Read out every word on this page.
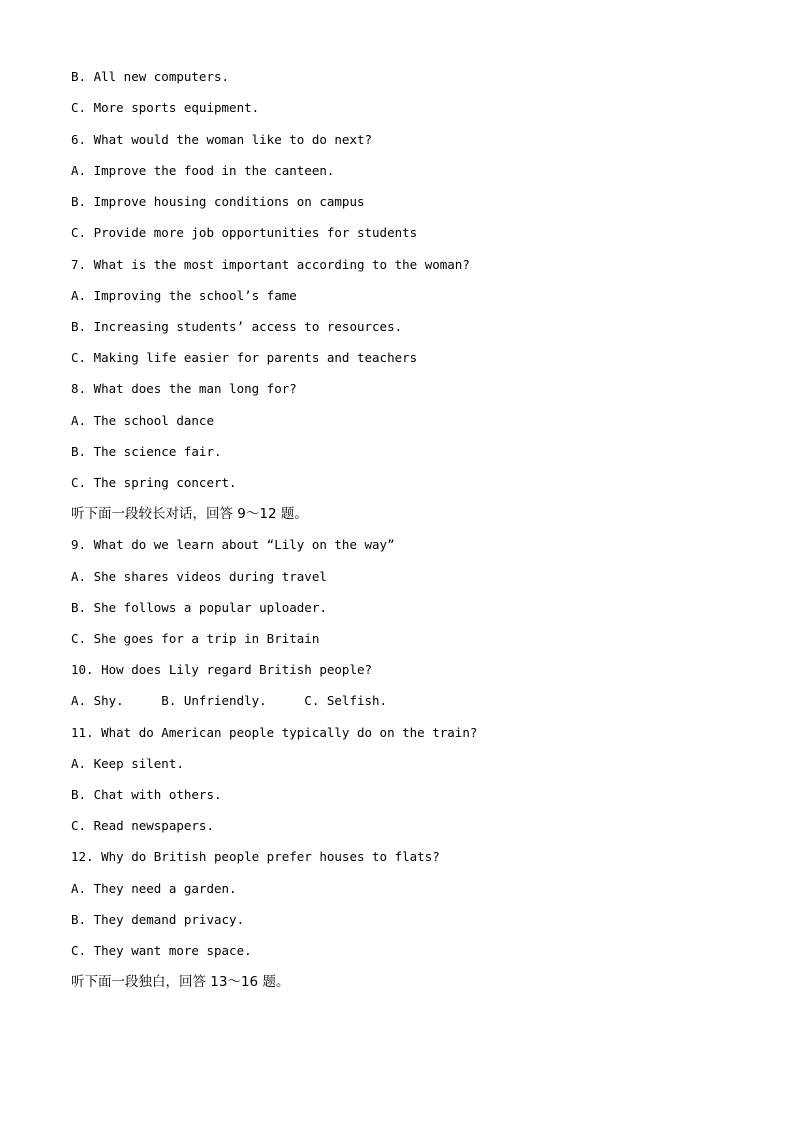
B. All new computers.
C. More sports equipment.
6. What would the woman like to do next?
A. Improve the food in the canteen.
B. Improve housing conditions on campus
C. Provide more job opportunities for students
7. What is the most important according to the woman?
A. Improving the school’s fame
B. Increasing students’ access to resources.
C. Making life easier for parents and teachers
8. What does the man long for?
A. The school dance
B. The science fair.
C. The spring concert.
听下面一段较长对话，回答 9～12 题。
9. What do we learn about “Lily on the way”
A. She shares videos during travel
B. She follows a popular uploader.
C. She goes for a trip in Britain
10. How does Lily regard British people?
A. Shy.     B. Unfriendly.     C. Selfish.
11. What do American people typically do on the train?
A. Keep silent.
B. Chat with others.
C. Read newspapers.
12. Why do British people prefer houses to flats?
A. They need a garden.
B. They demand privacy.
C. They want more space.
听下面一段独白，回答 13～16 题。
